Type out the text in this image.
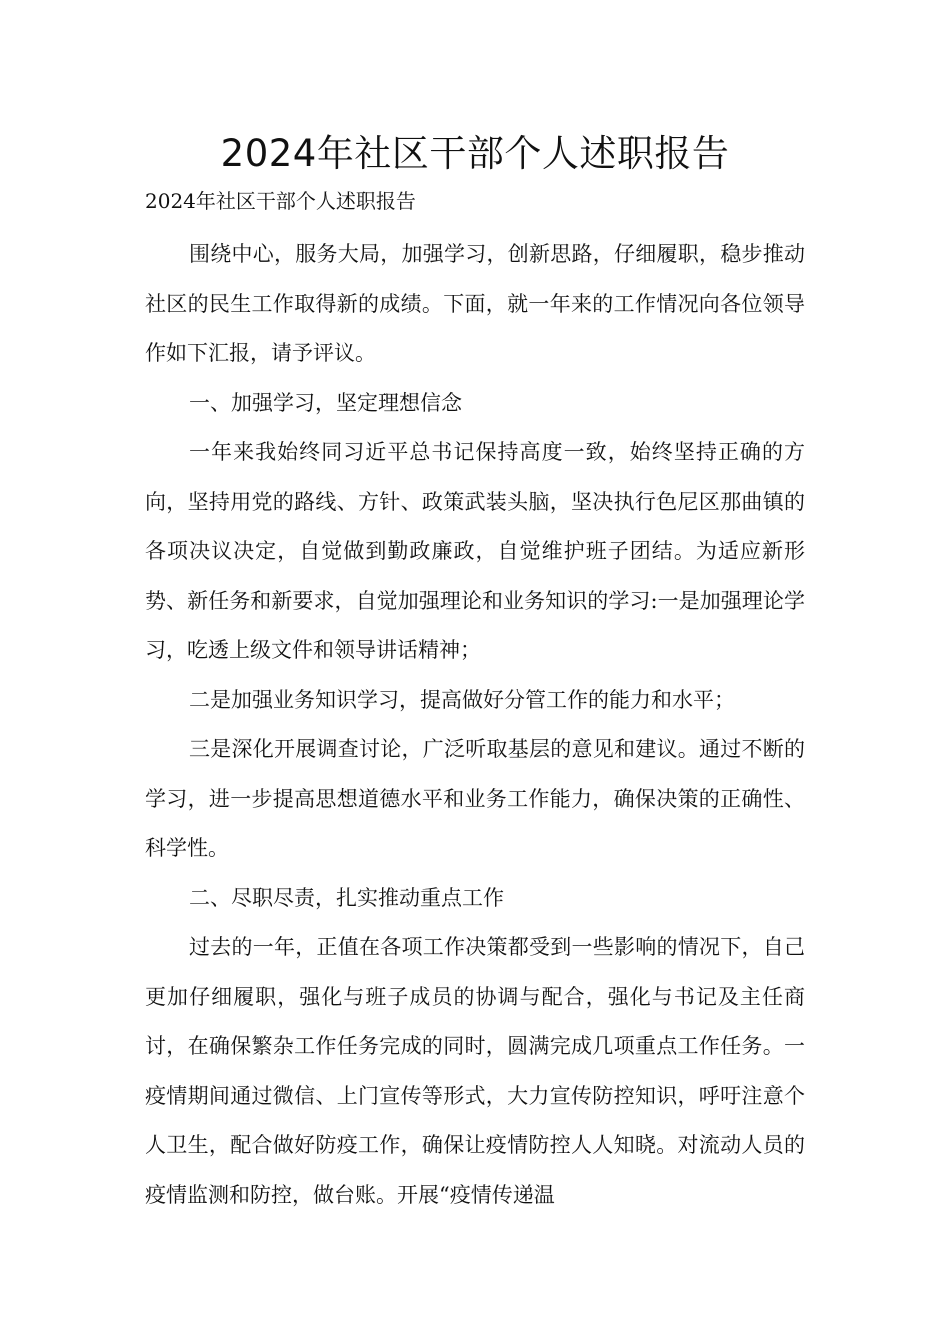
2024年社区干部个人述职报告

2024年社区干部个人述职报告

围绕中心，服务大局，加强学习，创新思路，仔细履职，稳步推动社区的民生工作取得新的成绩。下面，就一年来的工作情况向各位领导作如下汇报，请予评议。

一、加强学习，坚定理想信念

一年来我始终同习近平总书记保持高度一致，始终坚持正确的方向，坚持用党的路线、方针、政策武装头脑，坚决执行色尼区那曲镇的各项决议决定，自觉做到勤政廉政，自觉维护班子团结。为适应新形势、新任务和新要求，自觉加强理论和业务知识的学习:一是加强理论学习，吃透上级文件和领导讲话精神；

二是加强业务知识学习，提高做好分管工作的能力和水平；

三是深化开展调查讨论，广泛听取基层的意见和建议。通过不断的学习，进一步提高思想道德水平和业务工作能力，确保决策的正确性、科学性。

二、尽职尽责，扎实推动重点工作

过去的一年，正值在各项工作决策都受到一些影响的情况下，自己更加仔细履职，强化与班子成员的协调与配合，强化与书记及主任商讨，在确保繁杂工作任务完成的同时，圆满完成几项重点工作任务。一疫情期间通过微信、上门宣传等形式，大力宣传防控知识，呼吁注意个人卫生，配合做好防疫工作，确保让疫情防控人人知晓。对流动人员的疫情监测和防控，做台账。开展“疫情传递温
